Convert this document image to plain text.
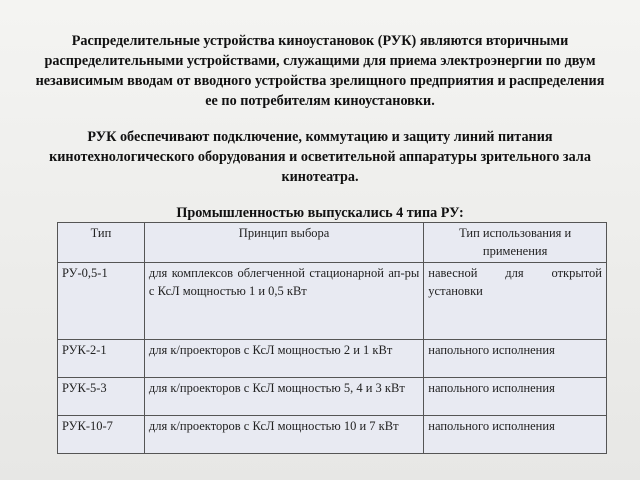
Распределительные устройства киноустановок (РУК) являются вторичными распределительными устройствами, служащими для приема электроэнергии по двум независимым вводам от вводного устройства зрелищного предприятия и распределения ее по потребителям киноустановки.

РУК обеспечивают подключение, коммутацию и защиту линий питания кинотехнологического оборудования и осветительной аппаратуры зрительного зала кинотеатра.

Промышленностью выпускались 4 типа РУ:

Тип	Принцип выбора	Тип использования и применения
РУ-0,5-1	для комплексов облегченной стационарной ап-ры с КсЛ мощностью 1 и 0,5 кВт	навесной для открытой установки
РУК-2-1	для к/проекторов с КсЛ мощностью 2 и 1 кВт	напольного исполнения
РУК-5-3	для к/проекторов с КсЛ мощностью 5, 4 и 3 кВт	напольного исполнения
РУК-10-7	для к/проекторов с КсЛ мощностью 10 и 7 кВт	напольного исполнения
